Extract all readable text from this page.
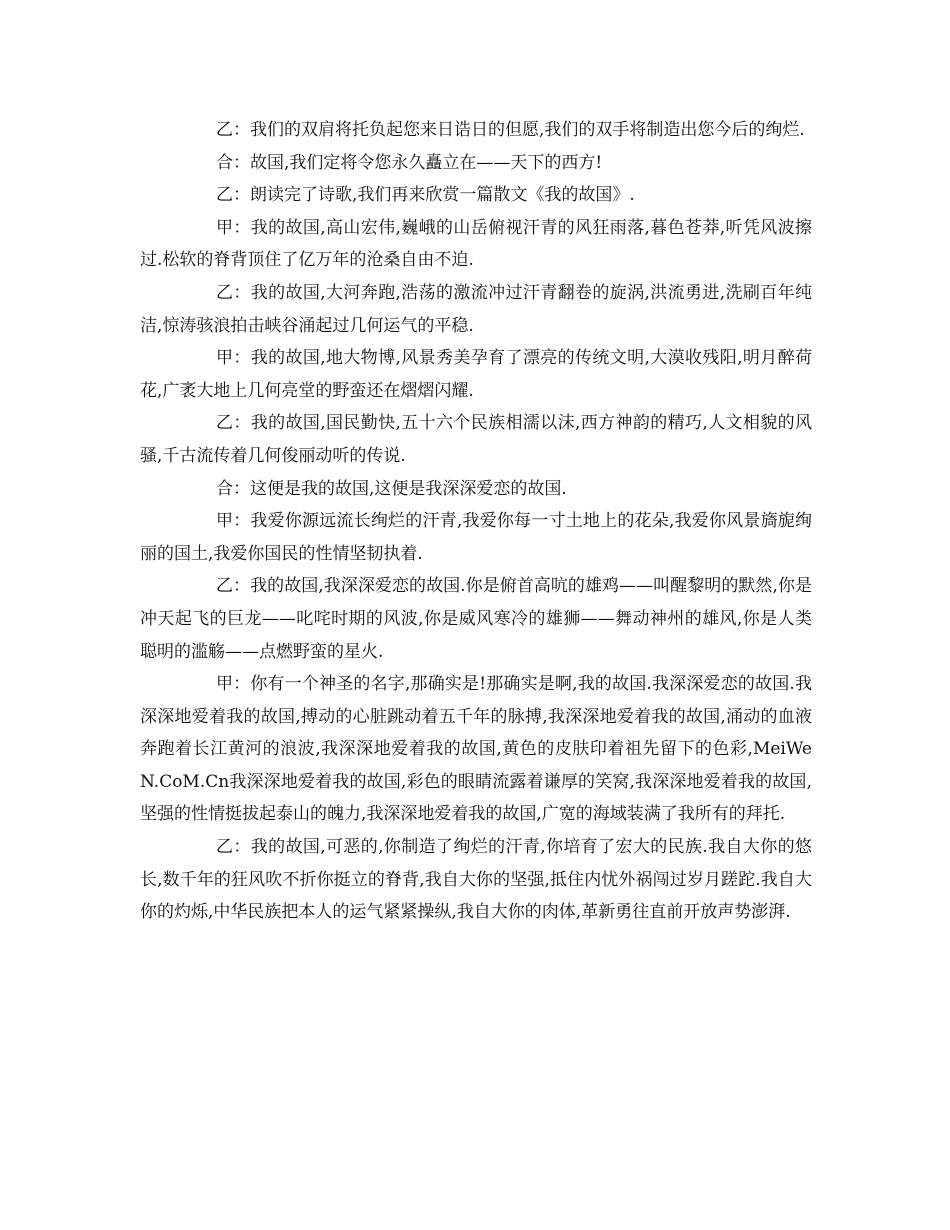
乙：我们的双肩将托负起您来日诰日的但愿,我们的双手将制造出您今后的绚烂.

合：故国,我们定将令您永久矗立在——天下的西方!

乙：朗读完了诗歌,我们再来欣赏一篇散文《我的故国》.

甲：我的故国,高山宏伟,巍峨的山岳俯视汗青的风狂雨落,暮色苍莽,听凭风波擦过.松软的脊背顶住了亿万年的沧桑自由不迫.

乙：我的故国,大河奔跑,浩荡的激流冲过汗青翻卷的旋涡,洪流勇进,洗刷百年纯洁,惊涛骇浪拍击峡谷涌起过几何运气的平稳.

甲：我的故国,地大物博,风景秀美孕育了漂亮的传统文明,大漠收残阳,明月醉荷花,广袤大地上几何亮堂的野蛮还在熠熠闪耀.

乙：我的故国,国民勤快,五十六个民族相濡以沫,西方神韵的精巧,人文相貌的风骚,千古流传着几何俊丽动听的传说.

合：这便是我的故国,这便是我深深爱恋的故国.

甲：我爱你源远流长绚烂的汗青,我爱你每一寸土地上的花朵,我爱你风景旖旎绚丽的国土,我爱你国民的性情坚韧执着.

乙：我的故国,我深深爱恋的故国.你是俯首高吭的雄鸡——叫醒黎明的默然,你是冲天起飞的巨龙——叱咤时期的风波,你是威风寒冷的雄狮——舞动神州的雄风,你是人类聪明的滥觞——点燃野蛮的星火.

甲：你有一个神圣的名字,那确实是!那确实是啊,我的故国.我深深爱恋的故国.我深深地爱着我的故国,搏动的心脏跳动着五千年的脉搏,我深深地爱着我的故国,涌动的血液奔跑着长江黄河的浪波,我深深地爱着我的故国,黄色的皮肤印着祖先留下的色彩,MeiWeN.CoM.Cn我深深地爱着我的故国,彩色的眼睛流露着谦厚的笑窝,我深深地爱着我的故国,坚强的性情挺拔起泰山的魄力,我深深地爱着我的故国,广宽的海域装满了我所有的拜托.

乙：我的故国,可恶的,你制造了绚烂的汗青,你培育了宏大的民族.我自大你的悠长,数千年的狂风吹不折你挺立的脊背,我自大你的坚强,抵住内忧外祸闯过岁月蹉跎.我自大你的灼烁,中华民族把本人的运气紧紧操纵,我自大你的肉体,革新勇往直前开放声势澎湃.
